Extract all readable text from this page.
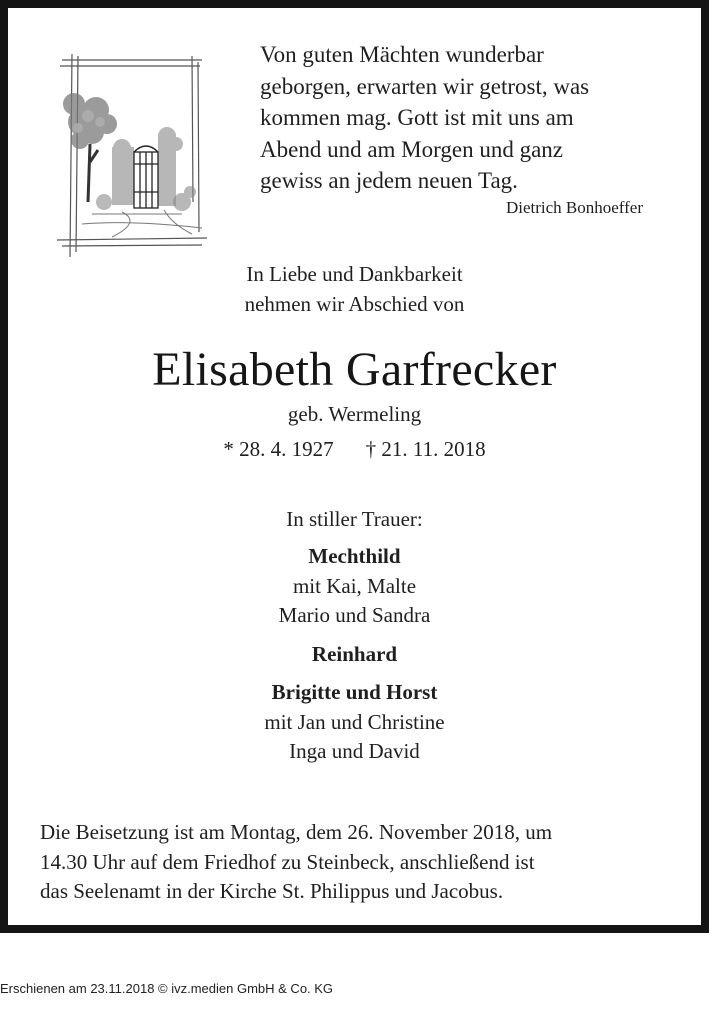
Von guten Mächten wunderbar
geborgen, erwarten wir getrost, was
kommen mag. Gott ist mit uns am
Abend und am Morgen und ganz
gewiss an jedem neuen Tag.
Dietrich Bonhoeffer
In Liebe und Dankbarkeit
nehmen wir Abschied von
Elisabeth Garfrecker
geb. Wermeling
* 28. 4. 1927 † 21. 11. 2018
In stiller Trauer:
Mechthild
mit Kai, Malte
Mario und Sandra
Reinhard
Brigitte und Horst
mit Jan und Christine
Inga und David
Die Beisetzung ist am Montag, dem 26. November 2018, um
14.30 Uhr auf dem Friedhof zu Steinbeck, anschließend ist
das Seelenamt in der Kirche St. Philippus und Jacobus.
Erschienen am 23.11.2018 © ivz.medien GmbH & Co. KG
